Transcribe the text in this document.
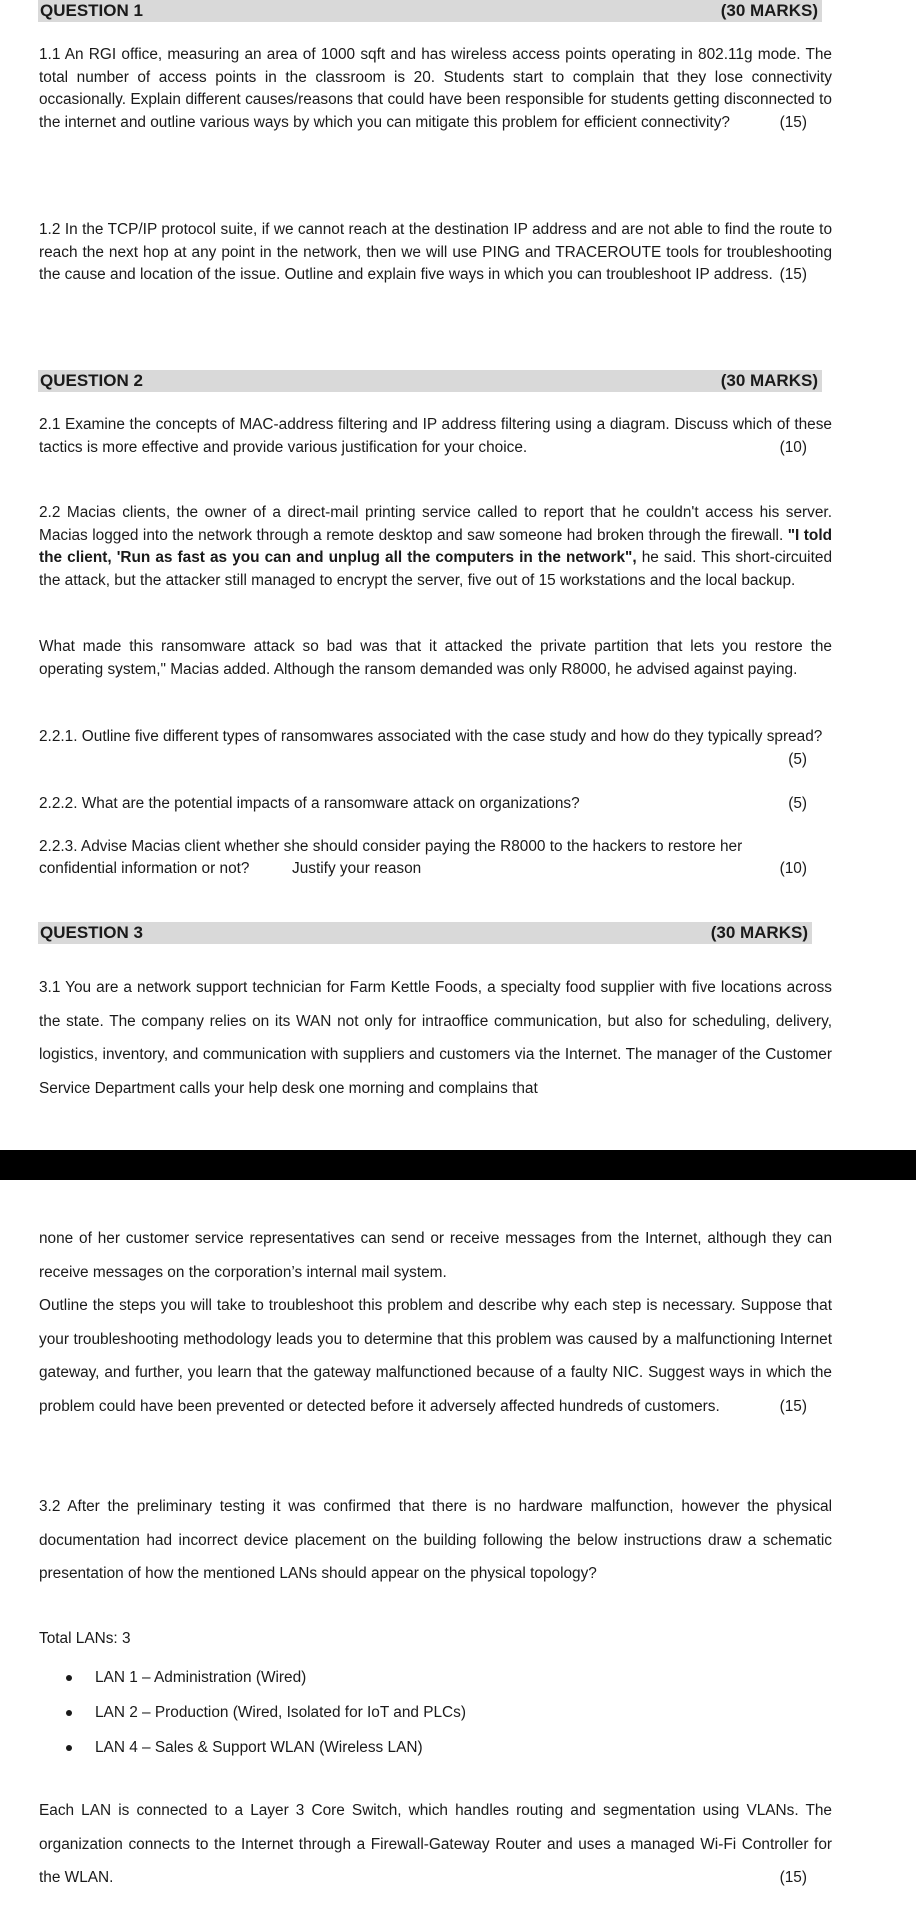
QUESTION 1	(30 MARKS)
1.1 An RGI office, measuring an area of 1000 sqft and has wireless access points operating in 802.11g mode. The total number of access points in the classroom is 20. Students start to complain that they lose connectivity occasionally. Explain different causes/reasons that could have been responsible for students getting disconnected to the internet and outline various ways by which you can mitigate this problem for efficient connectivity?	(15)
1.2 In the TCP/IP protocol suite, if we cannot reach at the destination IP address and are not able to find the route to reach the next hop at any point in the network, then we will use PING and TRACEROUTE tools for troubleshooting the cause and location of the issue. Outline and explain five ways in which you can troubleshoot IP address. (15)
QUESTION 2	(30 MARKS)
2.1 Examine the concepts of MAC-address filtering and IP address filtering using a diagram. Discuss which of these tactics is more effective and provide various justification for your choice.	(10)
2.2 Macias clients, the owner of a direct-mail printing service called to report that he couldn't access his server. Macias logged into the network through a remote desktop and saw someone had broken through the firewall. "I told the client, 'Run as fast as you can and unplug all the computers in the network", he said. This short-circuited the attack, but the attacker still managed to encrypt the server, five out of 15 workstations and the local backup.
What made this ransomware attack so bad was that it attacked the private partition that lets you restore the operating system," Macias added. Although the ransom demanded was only R8000, he advised against paying.
2.2.1. Outline five different types of ransomwares associated with the case study and how do they typically spread?
(5)
2.2.2. What are the potential impacts of a ransomware attack on organizations?	(5)
2.2.3. Advise Macias client whether she should consider paying the R8000 to the hackers to restore her
confidential information or not?	Justify your reason	(10)
QUESTION 3	(30 MARKS)
3.1 You are a network support technician for Farm Kettle Foods, a specialty food supplier with five locations across the state. The company relies on its WAN not only for intraoffice communication, but also for scheduling, delivery, logistics, inventory, and communication with suppliers and customers via the Internet. The manager of the Customer Service Department calls your help desk one morning and complains that
none of her customer service representatives can send or receive messages from the Internet, although they can receive messages on the corporation’s internal mail system.
Outline the steps you will take to troubleshoot this problem and describe why each step is necessary. Suppose that your troubleshooting methodology leads you to determine that this problem was caused by a malfunctioning Internet gateway, and further, you learn that the gateway malfunctioned because of a faulty NIC. Suggest ways in which the problem could have been prevented or detected before it adversely affected hundreds of customers.	(15)
3.2 After the preliminary testing it was confirmed that there is no hardware malfunction, however the physical documentation had incorrect device placement on the building following the below instructions draw a schematic presentation of how the mentioned LANs should appear on the physical topology?
Total LANs: 3
LAN 1 – Administration (Wired)
LAN 2 – Production (Wired, Isolated for IoT and PLCs)
LAN 4 – Sales & Support WLAN (Wireless LAN)
Each LAN is connected to a Layer 3 Core Switch, which handles routing and segmentation using VLANs. The organization connects to the Internet through a Firewall-Gateway Router and uses a managed Wi-Fi Controller for the WLAN.	(15)
